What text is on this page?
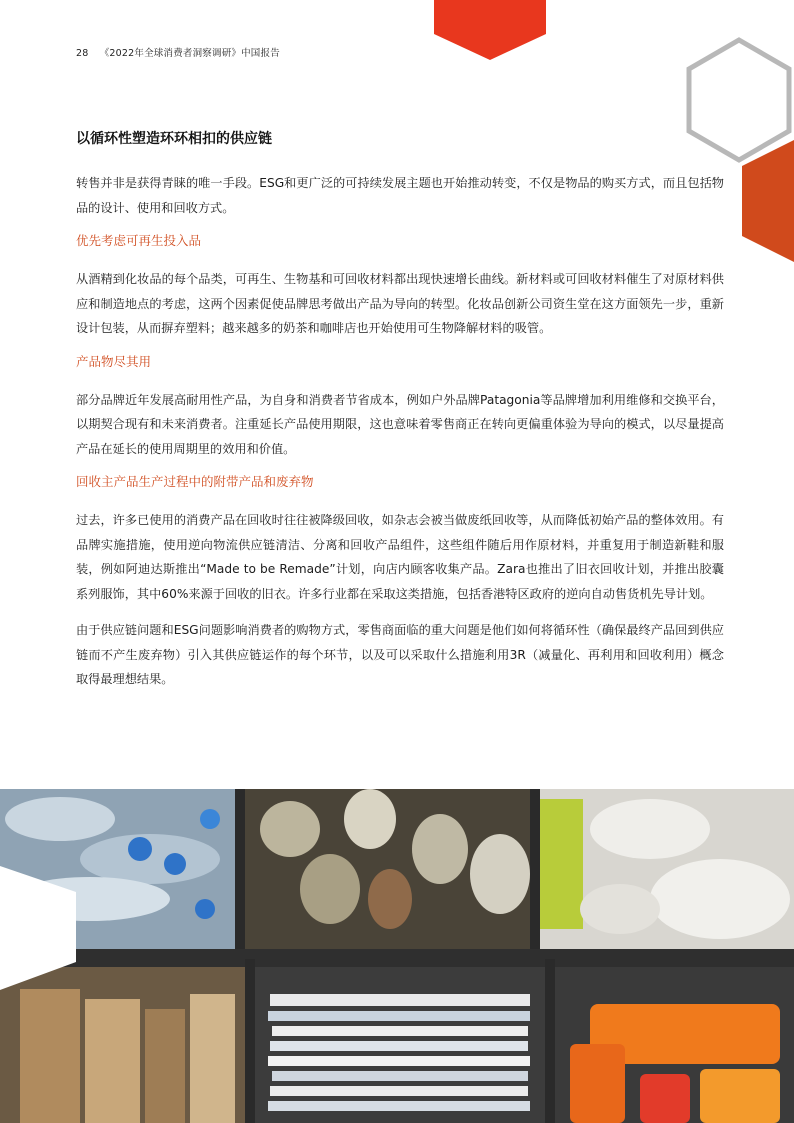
28 《2022年全球消费者洞察调研》中国报告
以循环性塑造环环相扣的供应链

转售并非是获得青睐的唯一手段。ESG和更广泛的可持续发展主题也开始推动转变，不仅是物品的购买方式，而且包括物品的设计、使用和回收方式。

优先考虑可再生投入品

从酒精到化妆品的每个品类，可再生、生物基和可回收材料都出现快速增长曲线。新材料或可回收材料催生了对原材料供应和制造地点的考虑，这两个因素促使品牌思考做出产品为导向的转型。化妆品创新公司资生堂在这方面领先一步，重新设计包装，从而摒弃塑料；越来越多的奶茶和咖啡店也开始使用可生物降解材料的吸管。

产品物尽其用

部分品牌近年发展高耐用性产品，为自身和消费者节省成本，例如户外品牌Patagonia等品牌增加利用维修和交换平台，以期契合现有和未来消费者。注重延长产品使用期限，这也意味着零售商正在转向更偏重体验为导向的模式，以尽量提高产品在延长的使用周期里的效用和价值。

回收主产品生产过程中的附带产品和废弃物

过去，许多已使用的消费产品在回收时往往被降级回收，如杂志会被当做废纸回收等，从而降低初始产品的整体效用。有品牌实施措施，使用逆向物流供应链清洁、分离和回收产品组件，这些组件随后用作原材料，并重复用于制造新鞋和服装，例如阿迪达斯推出“Made to be Remade”计划，向店内顾客收集产品。Zara也推出了旧衣回收计划，并推出胶囊系列服饰，其中60%来源于回收的旧衣。许多行业都在采取这类措施，包括香港特区政府的逆向自动售货机先导计划。

由于供应链问题和ESG问题影响消费者的购物方式，零售商面临的重大问题是他们如何将循环性（确保最终产品回到供应链而不产生废弃物）引入其供应链运作的每个环节，以及可以采取什么措施利用3R（减量化、再利用和回收利用）概念取得最理想结果。
